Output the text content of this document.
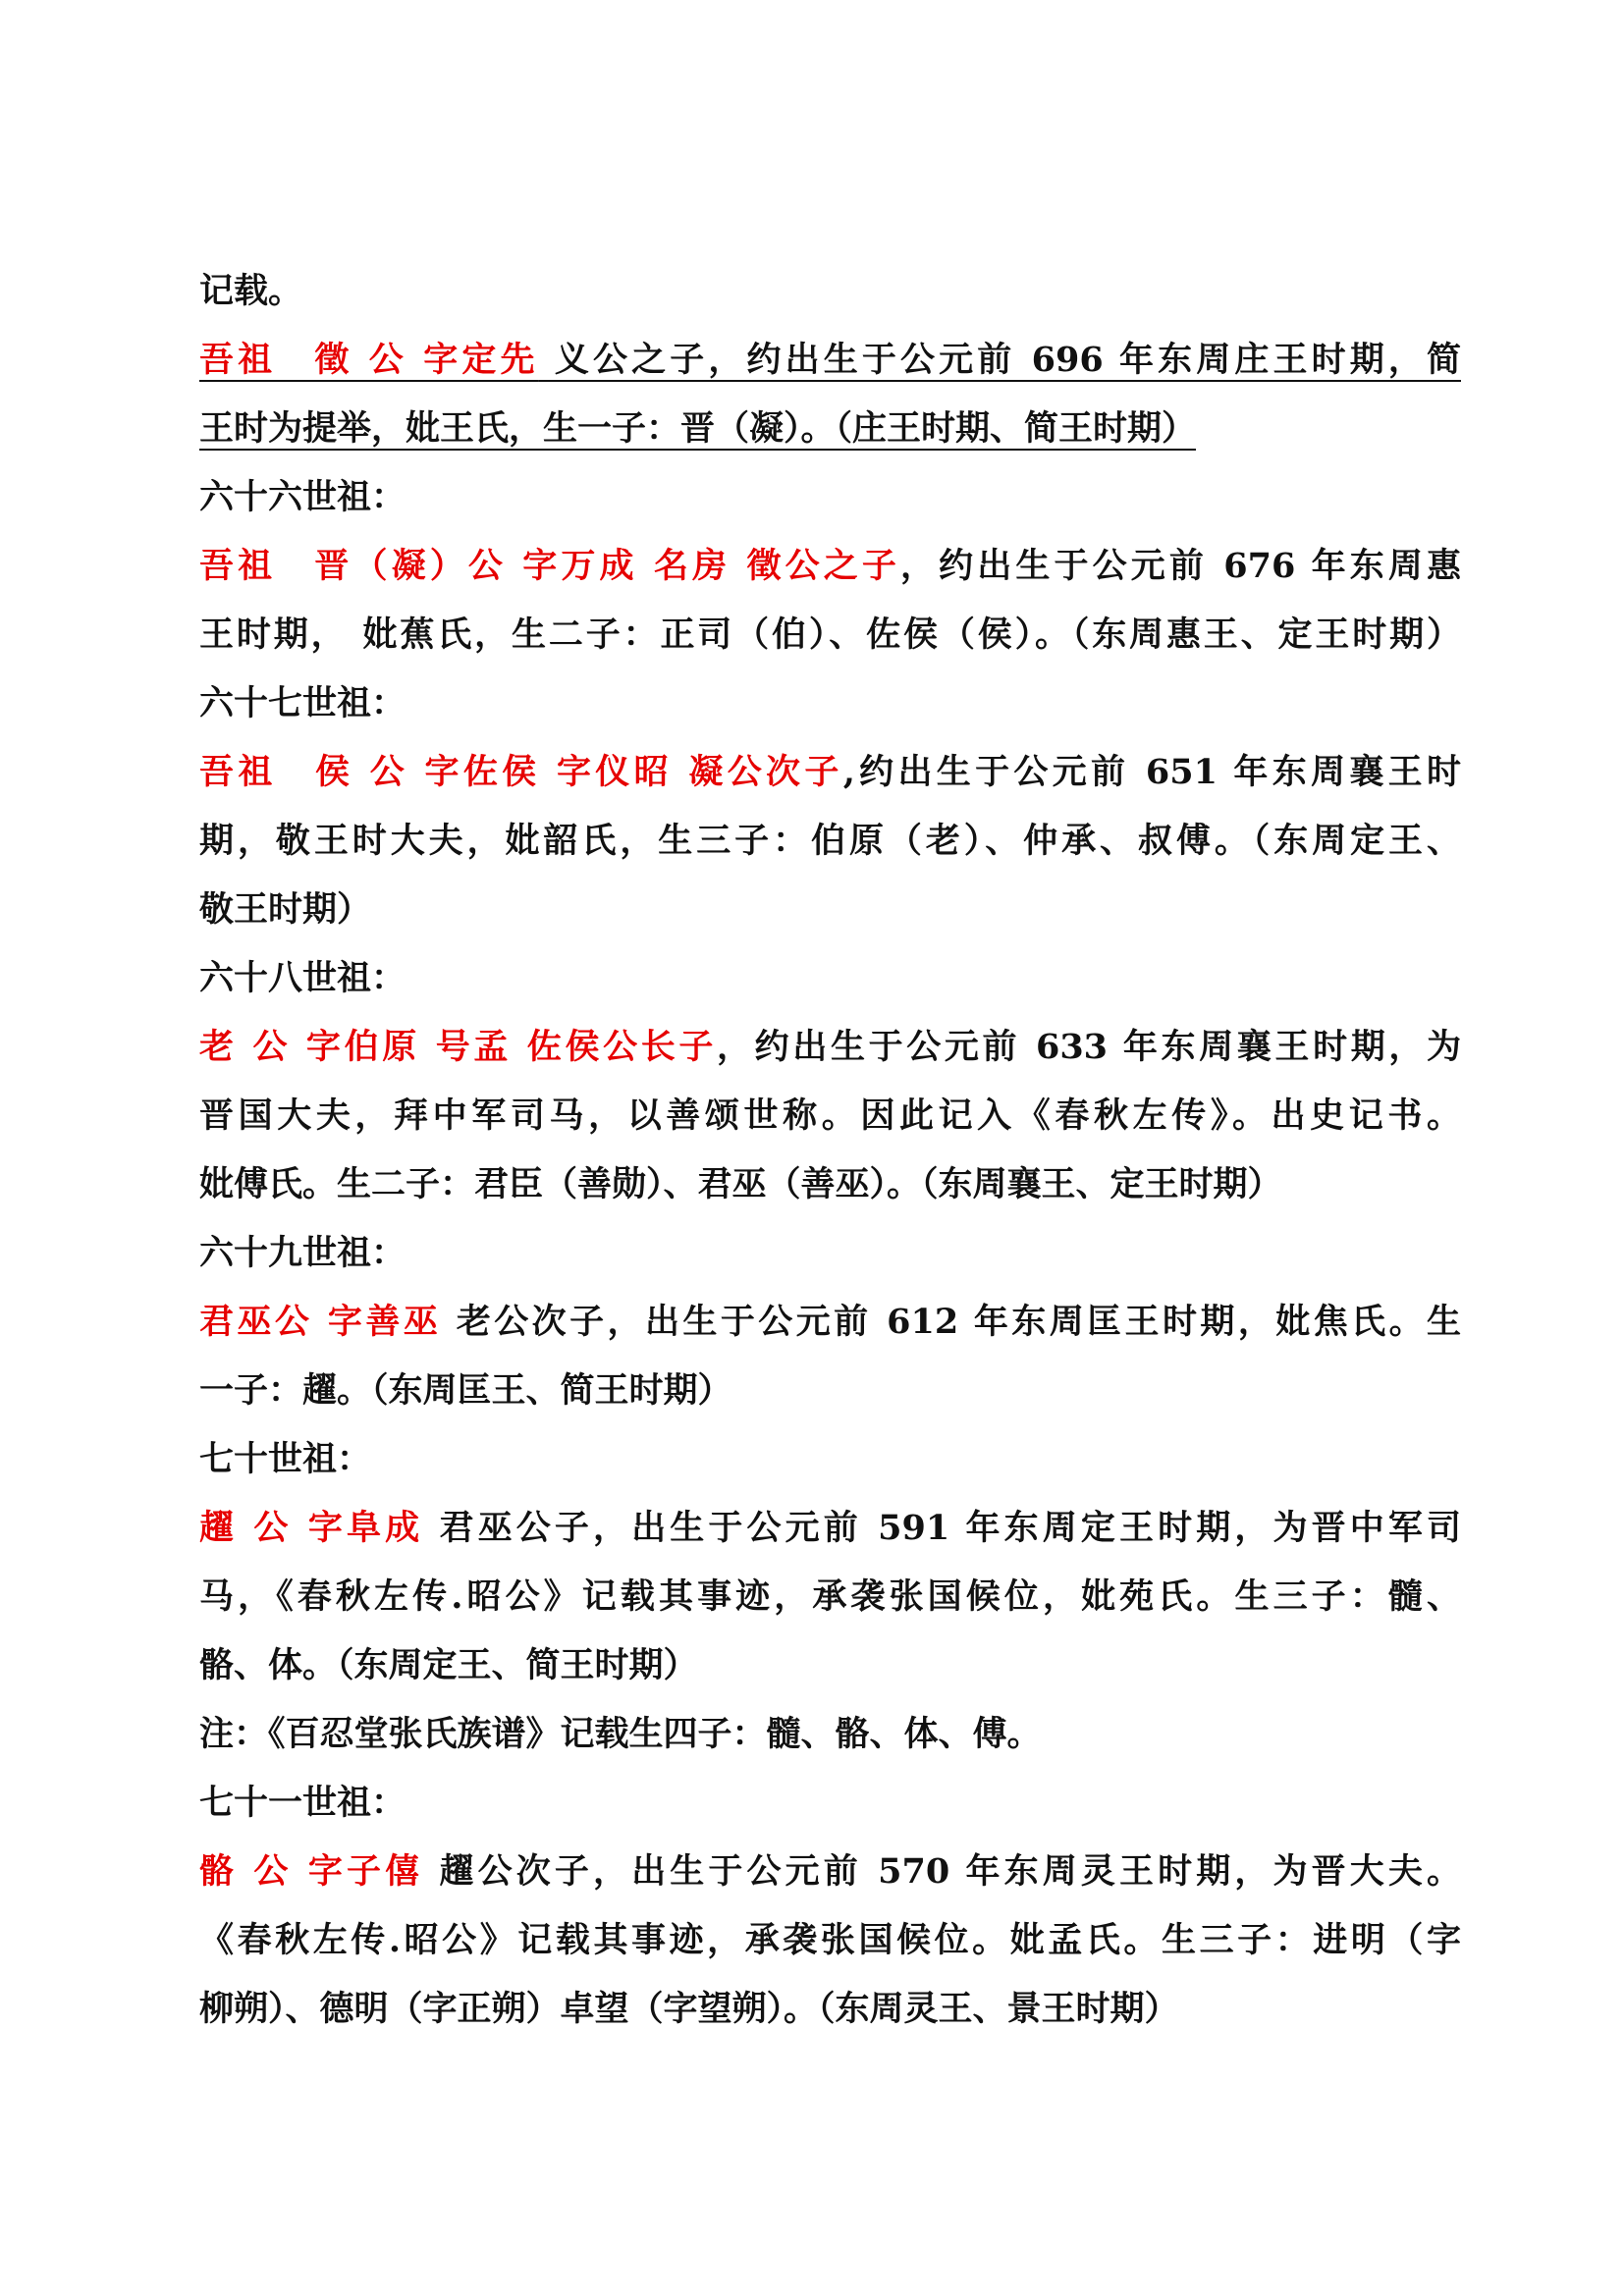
记载。
吾祖　徵 公 字定先 义公之子，约出生于公元前 696 年东周庄王时期，简
王时为提举，妣王氏，生一子：晋（凝）。（庄王时期、简王时期）
六十六世祖：
吾祖　晋（凝）公 字万成 名房 徵公之子，约出生于公元前 676 年东周惠
王时期， 妣蕉氏，生二子：正司（伯）、佐侯（侯）。（东周惠王、定王时期）
六十七世祖：
吾祖　侯 公 字佐侯 字仪昭 凝公次子,约出生于公元前 651 年东周襄王时
期，敬王时大夫，妣韶氏，生三子：伯原（老）、仲承、叔傅。（东周定王、
敬王时期）
六十八世祖：
老 公 字伯原 号孟 佐侯公长子，约出生于公元前 633 年东周襄王时期，为
晋国大夫，拜中军司马，以善颂世称。因此记入《春秋左传》。出史记书。
妣傅氏。生二子：君臣（善勋）、君巫（善巫）。（东周襄王、定王时期）
六十九世祖：
君巫公 字善巫 老公次子，出生于公元前 612 年东周匡王时期，妣焦氏。生
一子：趯。（东周匡王、简王时期）
七十世祖：
趯 公 字阜成 君巫公子，出生于公元前 591 年东周定王时期，为晋中军司
马，《春秋左传.昭公》记载其事迹，承袭张国候位，妣苑氏。生三子：髓、
骼、体。（东周定王、简王时期）
注：《百忍堂张氏族谱》记载生四子：髓、骼、体、傅。
七十一世祖：
骼 公 字子僖 趯公次子，出生于公元前 570 年东周灵王时期，为晋大夫。
《春秋左传.昭公》记载其事迹，承袭张国候位。妣孟氏。生三子：进明（字
柳朔）、德明（字正朔）卓望（字望朔）。（东周灵王、景王时期）
